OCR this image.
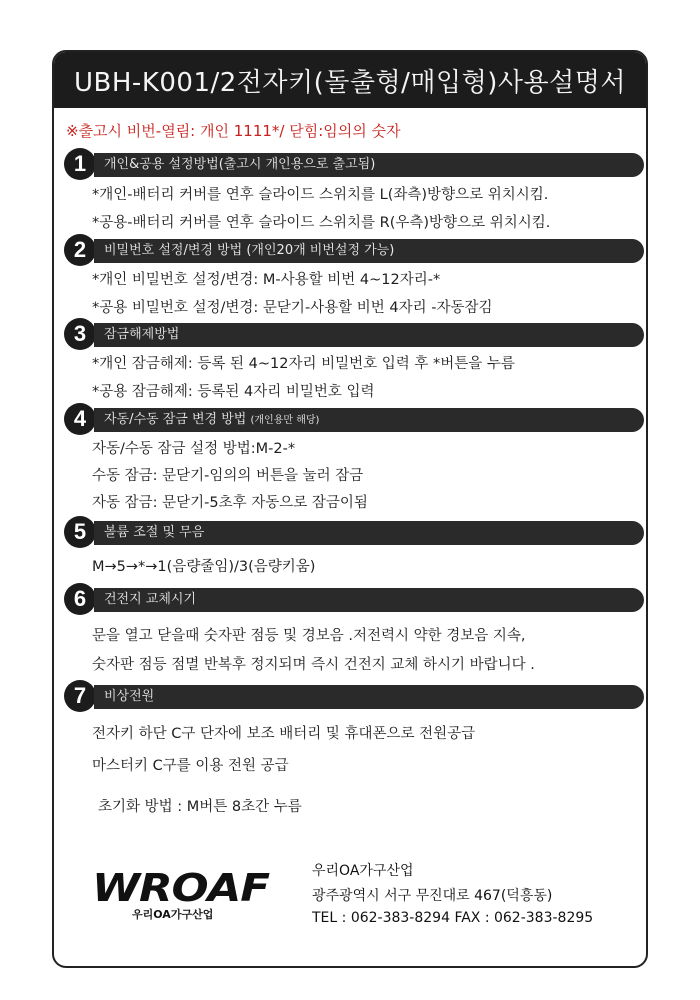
UBH-K001/2전자키(돌출형/매입형)사용설명서
※출고시 비번-열림: 개인 1111*/ 닫힘:임의의 숫자
1	개인&공용 설정방법(출고시 개인용으로 출고됨)
*개인-배터리 커버를 연후 슬라이드 스위치를 L(좌측)방향으로 위치시킴.
*공용-배터리 커버를 연후 슬라이드 스위치를 R(우측)방향으로 위치시킴.
2	비밀번호 설정/변경 방법 (개인20개 비번설정 가능)
*개인 비밀번호 설정/변경: M-사용할 비번 4~12자리-*
*공용 비밀번호 설정/변경: 문닫기-사용할 비번 4자리 -자동잠김
3	잠금해제방법
*개인 잠금해제: 등록 된 4~12자리 비밀번호 입력 후 *버튼을 누름
*공용 잠금해제: 등록된 4자리 비밀번호 입력
4	자동/수동 잠금 변경 방법 (개인용만 해당)
자동/수동 잠금 설정 방법:M-2-*
수동 잠금: 문닫기-임의의 버튼을 눌러 잠금
자동 잠금: 문닫기-5초후 자동으로 잠금이됨
5	볼륨 조절 및 무음
M→5→*→1(음량줄임)/3(음량키움)
6	건전지 교체시기
문을 열고 닫을때 숫자판 점등 및 경보음 .저전력시 약한 경보음 지속,
숫자판 점등 점멸 반복후 정지되며 즉시 건전지 교체 하시기 바랍니다 .
7	비상전원
전자키 하단 C구 단자에 보조 배터리 및 휴대폰으로 전원공급
마스터키 C구를 이용 전원 공급
초기화 방법 : M버튼 8초간 누름
WROAF
우리OA가구산업
우리OA가구산업
광주광역시 서구 무진대로 467(덕흥동)
TEL : 062-383-8294 FAX : 062-383-8295
